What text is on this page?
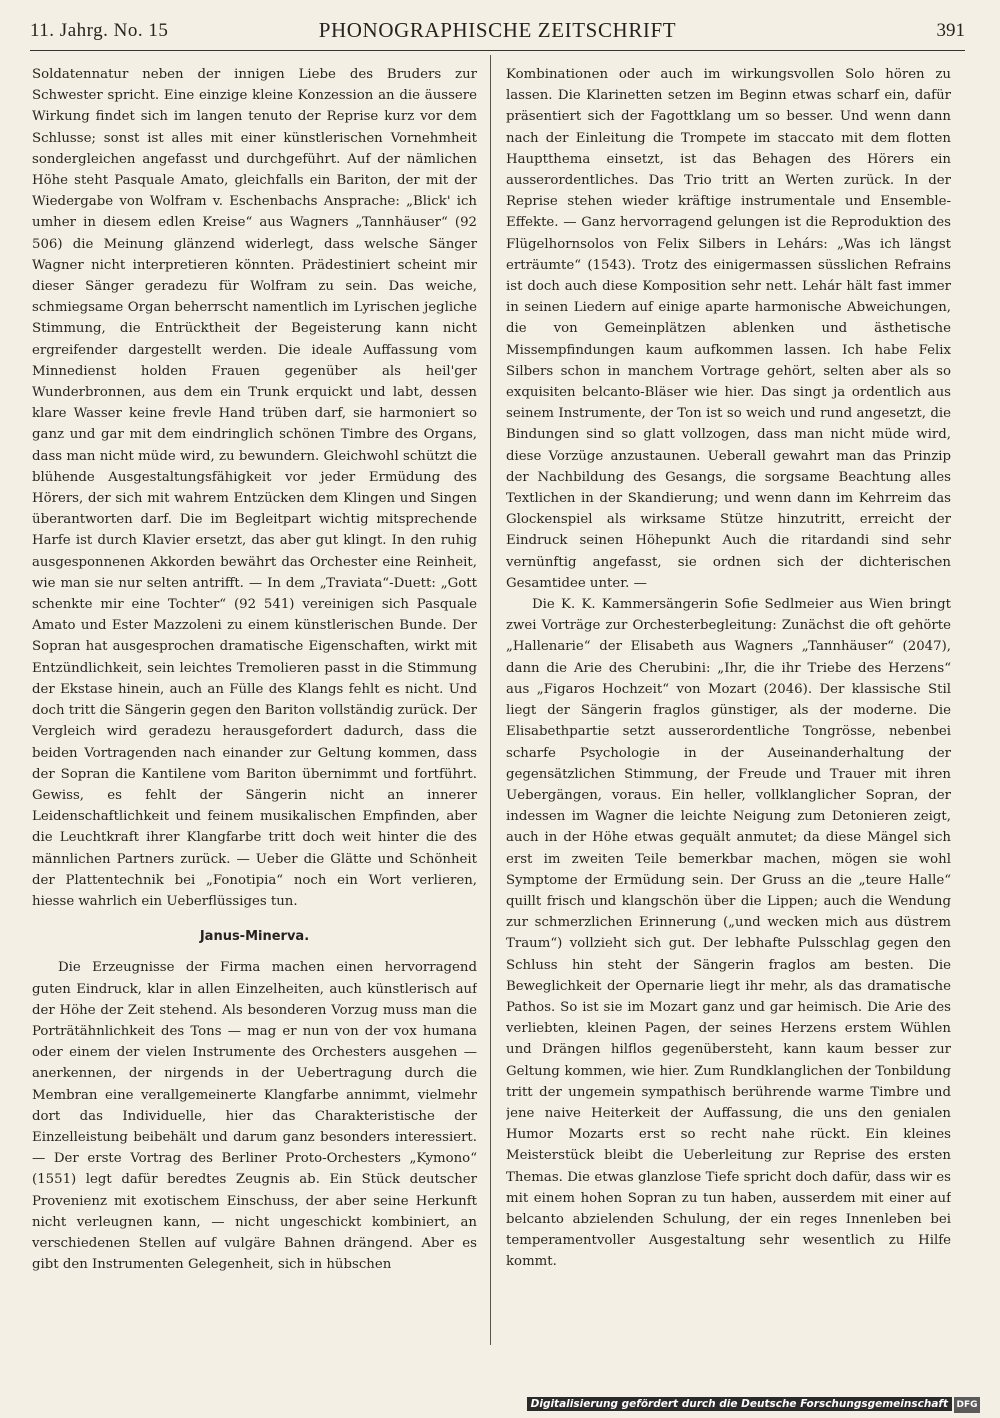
11. Jahrg. No. 15	PHONOGRAPHISCHE ZEITSCHRIFT	391

Soldatennatur neben der innigen Liebe des Bruders zur Schwester spricht. Eine einzige kleine Konzession an die äussere Wirkung findet sich im langen tenuto der Reprise kurz vor dem Schlusse; sonst ist alles mit einer künstlerischen Vornehmheit sondergleichen angefasst und durchgeführt. Auf der nämlichen Höhe steht Pasquale Amato, gleichfalls ein Bariton, der mit der Wiedergabe von Wolfram v. Eschenbachs Ansprache: „Blick' ich umher in diesem edlen Kreise“ aus Wagners „Tannhäuser“ (92 506) die Meinung glänzend widerlegt, dass welsche Sänger Wagner nicht interpretieren könnten. Prädestiniert scheint mir dieser Sänger geradezu für Wolfram zu sein. Das weiche, schmiegsame Organ beherrscht namentlich im Lyrischen jegliche Stimmung, die Entrücktheit der Begeisterung kann nicht ergreifender dargestellt werden. Die ideale Auffassung vom Minnedienst holden Frauen gegenüber als heil'ger Wunderbronnen, aus dem ein Trunk erquickt und labt, dessen klare Wasser keine frevle Hand trüben darf, sie harmoniert so ganz und gar mit dem eindringlich schönen Timbre des Organs, dass man nicht müde wird, zu bewundern. Gleichwohl schützt die blühende Ausgestaltungsfähigkeit vor jeder Ermüdung des Hörers, der sich mit wahrem Entzücken dem Klingen und Singen überantworten darf. Die im Begleitpart wichtig mitsprechende Harfe ist durch Klavier ersetzt, das aber gut klingt. In den ruhig ausgesponnenen Akkorden bewährt das Orchester eine Reinheit, wie man sie nur selten antrifft. — In dem „Traviata“-Duett: „Gott schenkte mir eine Tochter“ (92 541) vereinigen sich Pasquale Amato und Ester Mazzoleni zu einem künstlerischen Bunde. Der Sopran hat ausgesprochen dramatische Eigenschaften, wirkt mit Entzündlichkeit, sein leichtes Tremolieren passt in die Stimmung der Ekstase hinein, auch an Fülle des Klangs fehlt es nicht. Und doch tritt die Sängerin gegen den Bariton vollständig zurück. Der Vergleich wird geradezu herausgefordert dadurch, dass die beiden Vortragenden nach einander zur Geltung kommen, dass der Sopran die Kantilene vom Bariton übernimmt und fortführt. Gewiss, es fehlt der Sängerin nicht an innerer Leidenschaftlichkeit und feinem musikalischen Empfinden, aber die Leuchtkraft ihrer Klangfarbe tritt doch weit hinter die des männlichen Partners zurück. — Ueber die Glätte und Schönheit der Plattentechnik bei „Fonotipia“ noch ein Wort verlieren, hiesse wahrlich ein Ueberflüssiges tun.

Janus-Minerva.

Die Erzeugnisse der Firma machen einen hervorragend guten Eindruck, klar in allen Einzelheiten, auch künstlerisch auf der Höhe der Zeit stehend. Als besonderen Vorzug muss man die Porträtähnlichkeit des Tons — mag er nun von der vox humana oder einem der vielen Instrumente des Orchesters ausgehen — anerkennen, der nirgends in der Uebertragung durch die Membran eine verallgemeinerte Klangfarbe annimmt, vielmehr dort das Individuelle, hier das Charakteristische der Einzelleistung beibehält und darum ganz besonders interessiert. — Der erste Vortrag des Berliner Proto-Orchesters „Kymono“ (1551) legt dafür beredtes Zeugnis ab. Ein Stück deutscher Provenienz mit exotischem Einschuss, der aber seine Herkunft nicht verleugnen kann, — nicht ungeschickt kombiniert, an verschiedenen Stellen auf vulgäre Bahnen drängend. Aber es gibt den Instrumenten Gelegenheit, sich in hübschen

Kombinationen oder auch im wirkungsvollen Solo hören zu lassen. Die Klarinetten setzen im Beginn etwas scharf ein, dafür präsentiert sich der Fagottklang um so besser. Und wenn dann nach der Einleitung die Trompete im staccato mit dem flotten Hauptthema einsetzt, ist das Behagen des Hörers ein ausserordentliches. Das Trio tritt an Werten zurück. In der Reprise stehen wieder kräftige instrumentale und Ensemble-Effekte. — Ganz hervorragend gelungen ist die Reproduktion des Flügelhornsolos von Felix Silbers in Lehárs: „Was ich längst erträumte“ (1543). Trotz des einigermassen süsslichen Refrains ist doch auch diese Komposition sehr nett. Lehár hält fast immer in seinen Liedern auf einige aparte harmonische Abweichungen, die von Gemeinplätzen ablenken und ästhetische Missempfindungen kaum aufkommen lassen. Ich habe Felix Silbers schon in manchem Vortrage gehört, selten aber als so exquisiten belcanto-Bläser wie hier. Das singt ja ordentlich aus seinem Instrumente, der Ton ist so weich und rund angesetzt, die Bindungen sind so glatt vollzogen, dass man nicht müde wird, diese Vorzüge anzustaunen. Ueberall gewahrt man das Prinzip der Nachbildung des Gesangs, die sorgsame Beachtung alles Textlichen in der Skandierung; und wenn dann im Kehrreim das Glockenspiel als wirksame Stütze hinzutritt, erreicht der Eindruck seinen Höhepunkt Auch die ritardandi sind sehr vernünftig angefasst, sie ordnen sich der dichterischen Gesamtidee unter. —

Die K. K. Kammersängerin Sofie Sedlmeier aus Wien bringt zwei Vorträge zur Orchesterbegleitung: Zunächst die oft gehörte „Hallenarie“ der Elisabeth aus Wagners „Tannhäuser“ (2047), dann die Arie des Cherubini: „Ihr, die ihr Triebe des Herzens“ aus „Figaros Hochzeit“ von Mozart (2046). Der klassische Stil liegt der Sängerin fraglos günstiger, als der moderne. Die Elisabethpartie setzt ausserordentliche Tongrösse, nebenbei scharfe Psychologie in der Auseinanderhaltung der gegensätzlichen Stimmung, der Freude und Trauer mit ihren Uebergängen, voraus. Ein heller, vollklanglicher Sopran, der indessen im Wagner die leichte Neigung zum Detonieren zeigt, auch in der Höhe etwas gequält anmutet; da diese Mängel sich erst im zweiten Teile bemerkbar machen, mögen sie wohl Symptome der Ermüdung sein. Der Gruss an die „teure Halle“ quillt frisch und klangschön über die Lippen; auch die Wendung zur schmerzlichen Erinnerung („und wecken mich aus düstrem Traum“) vollzieht sich gut. Der lebhafte Pulsschlag gegen den Schluss hin steht der Sängerin fraglos am besten. Die Beweglichkeit der Opernarie liegt ihr mehr, als das dramatische Pathos. So ist sie im Mozart ganz und gar heimisch. Die Arie des verliebten, kleinen Pagen, der seines Herzens erstem Wühlen und Drängen hilflos gegenübersteht, kann kaum besser zur Geltung kommen, wie hier. Zum Rundklanglichen der Tonbildung tritt der ungemein sympathisch berührende warme Timbre und jene naive Heiterkeit der Auffassung, die uns den genialen Humor Mozarts erst so recht nahe rückt. Ein kleines Meisterstück bleibt die Ueberleitung zur Reprise des ersten Themas. Die etwas glanzlose Tiefe spricht doch dafür, dass wir es mit einem hohen Sopran zu tun haben, ausserdem mit einer auf belcanto abzielenden Schulung, der ein reges Innenleben bei temperamentvoller Ausgestaltung sehr wesentlich zu Hilfe kommt.

Digitalisierung gefördert durch die Deutsche Forschungsgemeinschaft DFG
